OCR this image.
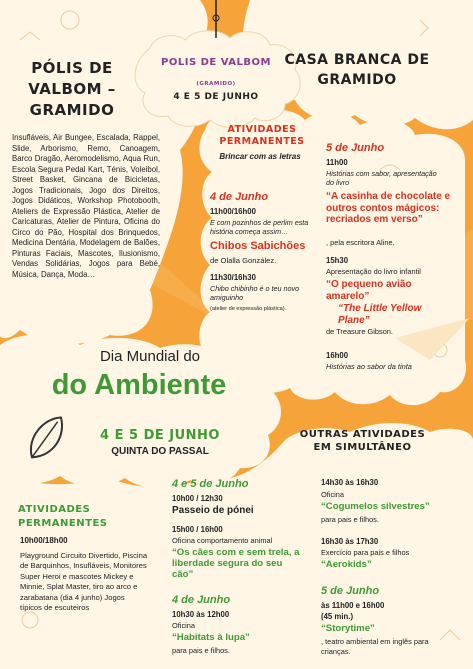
POLIS DE VALBOM
(GRAMIDO)
4 E 5 DE JUNHO
PÓLIS DE VALBOM – GRAMIDO
Insufláveis, Air Bungee, Escalada, Rappel, Slide, Arborismo, Remo, Canoagem, Barco Dragão, Aeromodelismo, Aqua Run, Escola Segura Pedal Kart, Ténis, Voleibol, Street Basket, Gincana de Bicicletas, Jogos Tradicionais, Jogo dos Direitos, Jogos Didáticos, Workshop Photobooth, Ateliers de Expressão Plástica, Atelier de Caricaturas, Atelier de Pintura, Oficina do Circo do Pão, Hospital dos Brinquedos, Medicina Dentária, Modelagem de Balões, Pinturas Faciais, Mascotes, Ilusionismo, Vendas Solidárias, Jogos para Bebé, Música, Dança, Moda…
CASA BRANCA DE GRAMIDO
ATIVIDADES PERMANENTES
Brincar com as letras
4 de Junho
11h00/16h00
E com pozinhos de perlim esta história começa assim…
Chibos Sabichões
de Olalla González.
11h30/16h30
Chibo chibinho é o teu novo amiguinho
(atelier de expressão plástica).
5 de Junho
11h00
Histórias com sabor, apresentação do livro
“A casinha de chocolate e outros contos mágicos: recriados em verso”
, pela escritora Aline.
15h30
Apresentação do livro infantil
“O pequeno avião amarelo”
“The Little Yellow Plane”
de Treasure Gibson.
16h00
Histórias ao sabor da tinta
Dia Mundial do
do Ambiente
4 E 5 DE JUNHO
QUINTA DO PASSAL
OUTRAS ATIVIDADES EM SIMULTÂNEO
ATIVIDADES PERMANENTES
10h00/18h00
Playground Circuito Divertido, Piscina de Barquinhos, Insufláveis, Monitores Super Heroi e mascotes Mickey e Minnie, Splat Master, tiro ao arco e zarabatana (dia 4 junho) Jogos típicos de escuteiros
4 e 5 de Junho
10h00 / 12h30
Passeio de pónei
15h00 / 16h00
Oficina comportamento animal
“Os cães com e sem trela, a liberdade segura do seu cão”
4 de Junho
10h30 às 12h00
Oficina
“Habitats à lupa”
para pais e filhos.
14h30 às 16h30
Oficina
“Cogumelos silvestres”
para pais e filhos.
16h30 às 17h30
Exercício para pais e filhos
“Aerokids”
5 de Junho
às 11h00 e 16h00
(45 min.)
“Storytime”
, teatro ambiental em inglês para crianças.
